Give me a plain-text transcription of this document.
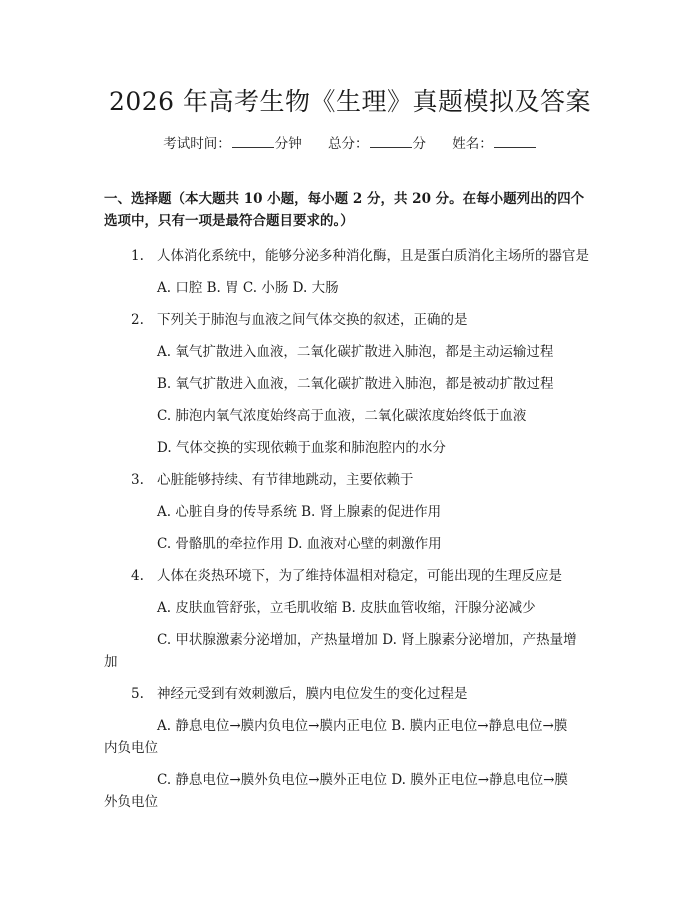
2026 年高考生物《生理》真题模拟及答案
考试时间：	分钟 总分：	分 姓名：
一、选择题（本大题共 10 小题，每小题 2 分，共 20 分。在每小题列出的四个选项中，只有一项是最符合题目要求的。）
1. 人体消化系统中，能够分泌多种消化酶，且是蛋白质消化主场所的器官是
A. 口腔 B. 胃 C. 小肠 D. 大肠
2. 下列关于肺泡与血液之间气体交换的叙述，正确的是
A. 氧气扩散进入血液，二氧化碳扩散进入肺泡，都是主动运输过程
B. 氧气扩散进入血液，二氧化碳扩散进入肺泡，都是被动扩散过程
C. 肺泡内氧气浓度始终高于血液，二氧化碳浓度始终低于血液
D. 气体交换的实现依赖于血浆和肺泡腔内的水分
3. 心脏能够持续、有节律地跳动，主要依赖于
A. 心脏自身的传导系统 B. 肾上腺素的促进作用
C. 骨骼肌的牵拉作用 D. 血液对心壁的刺激作用
4. 人体在炎热环境下，为了维持体温相对稳定，可能出现的生理反应是
A. 皮肤血管舒张，立毛肌收缩 B. 皮肤血管收缩，汗腺分泌减少
C. 甲状腺激素分泌增加，产热量增加 D. 肾上腺素分泌增加，产热量增
加
5. 神经元受到有效刺激后，膜内电位发生的变化过程是
A. 静息电位→膜内负电位→膜内正电位 B. 膜内正电位→静息电位→膜
内负电位
C. 静息电位→膜外负电位→膜外正电位 D. 膜外正电位→静息电位→膜
外负电位
